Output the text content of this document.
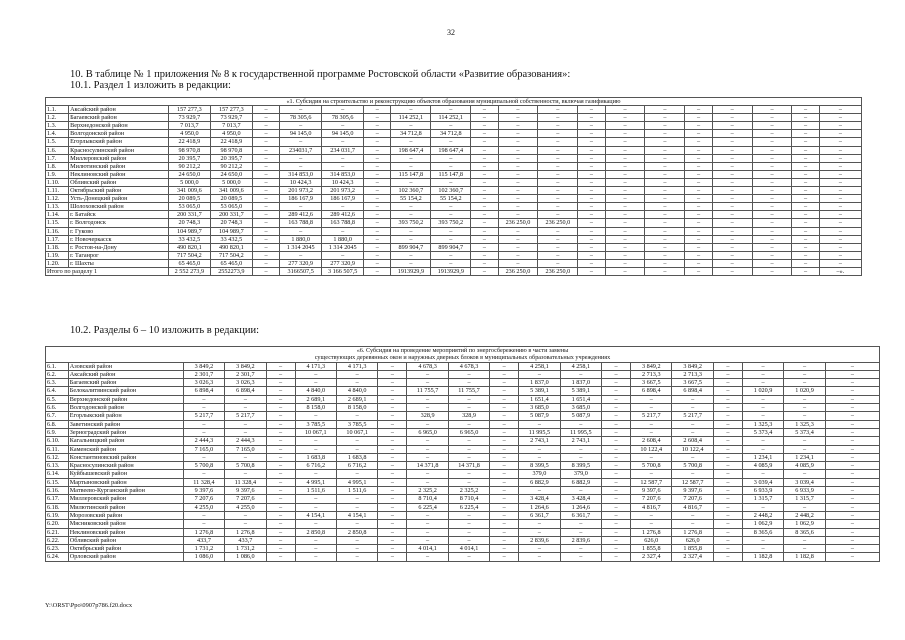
32
10. В таблице № 1 приложения № 8 к государственной программе Ростовской области «Развитие образования»:
10.1. Раздел 1 изложить в редакции:
«1. Субсидия на строительство и реконструкцию объектов образования муниципальной собственности, включая газификацию																				
1.1.	Аксайский район	157 277,3	157 277,3	–	–	–	–	–	–	–	–	–	–	–	–	–	–	–	–	–
1.2.	Багаевский район	73 929,7	73 929,7	–	78 305,6	78 305,6	–	114 252,1	114 252,1	–	–	–	–	–	–	–	–	–	–	–
1.3.	Верхнедонской район	7 013,7	7 013,7	–	–	–	–	–	–	–	–	–	–	–	–	–	–	–	–	–
1.4.	Волгодонской район	4 950,0	4 950,0	–	94 145,0	94 145,0	–	34 712,8	34 712,8	–	–	–	–	–	–	–	–	–	–	–
1.5.	Егорлыкский район	22 418,9	22 418,9	–	–	–	–	–	–	–	–	–	–	–	–	–	–	–	–	–
1.6.	Красносулинский район	98 970,8	98 970,8	–	234031,7	234 031,7	–	198 647,4	198 647,4	–	–	–	–	–	–	–	–	–	–	–
1.7.	Миллеровский район	20 395,7	20 395,7	–	–	–	–	–	–	–	–	–	–	–	–	–	–	–	–	–
1.8.	Милютинский район	90 212,2	90 212,2	–	–	–	–	–	–	–	–	–	–	–	–	–	–	–	–	–
1.9.	Неклиновский район	24 650,0	24 650,0	–	314 853,0	314 853,0	–	115 147,8	115 147,8	–	–	–	–	–	–	–	–	–	–	–
1.10.	Обливский район	5 000,0	5 000,0	–	10 424,3	10 424,3	–	–	–	–	–	–	–	–	–	–	–	–	–	–
1.11.	Октябрьский район	341 009,6	341 009,6	–	201 973,2	201 973,2	–	102 360,7	102 360,7	–	–	–	–	–	–	–	–	–	–	–
1.12.	Усть-Донецкий район	20 089,5	20 089,5	–	186 167,9	186 167,9	–	55 154,2	55 154,2	–	–	–	–	–	–	–	–	–	–	–
1.13.	Шолоховский район	53 065,0	53 065,0	–	–	–	–	–	–	–	–	–	–	–	–	–	–	–	–	–
1.14.	г. Батайск	200 331,7	200 331,7	–	289 412,6	289 412,6	–	–	–	–	–	–	–	–	–	–	–	–	–	–
1.15.	г. Волгодонск	20 748,3	20 748,3	–	163 788,8	163 788,8	–	393 750,2	393 750,2	–	236 250,0	236 250,0	–	–	–	–	–	–	–	–
1.16.	г. Гуково	104 989,7	104 989,7	–	–	–	–	–	–	–	–	–	–	–	–	–	–	–	–	–
1.17.	г. Новочеркасск	33 432,5	33 432,5	–	1 880,0	1 880,0	–	–	–	–	–	–	–	–	–	–	–	–	–	–
1.18.	г. Ростов-на-Дону	490 820,1	490 820,1	–	1 314 2045	1 314 2045	–	899 904,7	899 904,7	–	–	–	–	–	–	–	–	–	–	–
1.19.	г. Таганрог	717 504,2	717 504,2	–	–	–	–	–	–	–	–	–	–	–	–	–	–	–	–	–
1.20.	г. Шахты	65 465,0	65 465,0	–	277 320,9	277 320,9	–	–	–	–	–	–	–	–	–	–	–	–	–	–
Итого по разделу 1		2 552 273,9	2552273,9	–	3166507,5	3 166 507,5	–	1913929,9	1913929,9	–	236 250,0	236 250,0	–	–	–	–	–	–	–	–».
10.2. Разделы 6 – 10 изложить в редакции:
«6. Субсидия на проведение мероприятий по энергосбережению в части замены																			
существующих деревянных окон и наружных дверных блоков в муниципальных образовательных учреждениях																			
6.1.	Азовский район	3 849,2	3 849,2	–	4 171,3	4 171,3	–	4 678,3	4 678,3	–	4 258,1	4 258,1	–	3 849,2	3 849,2	–	–	–	–
6.2.	Аксайский район	2 301,7	2 301,7	–	–	–	–	–	–	–	–	–	–	2 713,3	2 713,3	–	–	–	–
6.3.	Багаевский район	3 026,3	3 026,3	–	–	–	–	–	–	–	1 837,0	1 837,0	–	3 667,5	3 667,5	–	–	–	–
6.4.	Белокалитвинский район	6 898,4	6 898,4	–	4 840,0	4 840,0	–	11 755,7	11 755,7	–	5 389,1	5 389,1	–	6 898,4	6 898,4	–	1 020,9	1 020,9	–
6.5.	Верхнедонской район	–	–	–	2 689,1	2 689,1	–	–	–	–	1 651,4	1 651,4	–	–	–	–	–	–	–
6.6.	Волгодонской район	–	–	–	8 158,0	8 158,0	–	–	–	–	3 685,0	3 685,0	–	–	–	–	–	–	–
6.7.	Егорлыкский район	5 217,7	5 217,7	–	–	–	–	328,9	328,9	–	5 087,9	5 087,9	–	5 217,7	5 217,7	–	–	–	–
6.8.	Заветинский район	–	–	–	3 785,5	3 785,5	–	–	–	–	–	–	–	–	–	–	1 325,3	1 325,3	–
6.9.	Зерноградский район	–	–	–	10 067,1	10 067,1	–	6 965,0	6 965,0	–	11 995,5	11 995,5	–	–	–	–	5 373,4	5 373,4	–
6.10.	Кагальницкий район	2 444,3	2 444,3	–	–	–	–	–	–	–	2 743,1	2 743,1	–	2 608,4	2 608,4	–	–	–	–
6.11.	Каменский район	7 165,0	7 165,0	–	–	–	–	–	–	–	–	–	–	10 122,4	10 122,4	–	–	–	–
6.12.	Константиновский район	–	–	–	1 683,8	1 683,8	–	–	–	–	–	–	–	–	–	–	1 234,1	1 234,1	–
6.13.	Красносулинский район	5 700,8	5 700,8	–	6 716,2	6 716,2	–	14 371,8	14 371,8	–	8 399,5	8 399,5	–	5 700,8	5 700,8	–	4 085,9	4 085,9	–
6.14.	Куйбышевский район	–	–	–	–	–	–	–	–	–	379,0	379,0	–	–	–	–	–	–	–
6.15.	Мартыновский район	11 328,4	11 328,4	–	4 995,1	4 995,1	–	–	–	–	6 882,9	6 882,9	–	12 587,7	12 587,7	–	3 039,4	3 039,4	–
6.16.	Матвеево-Курганский район	9 397,6	9 397,6	–	1 511,6	1 511,6	–	2 325,2	2 325,2	–	–	–	–	9 397,6	9 397,6	–	6 933,9	6 933,9	–
6.17.	Миллеровский район	7 207,6	7 207,6	–	–	–	–	8 710,4	8 710,4	–	3 428,4	3 428,4	–	7 207,6	7 207,6	–	1 315,7	1 315,7	–
6.18.	Милютинский район	4 255,0	4 255,0	–	–	–	–	6 225,4	6 225,4	–	1 264,6	1 264,6	–	4 816,7	4 816,7	–	–	–	–
6.19.	Морозовский район	–	–	–	4 154,1	4 154,1	–	–	–	–	6 361,7	6 361,7	–	–	–	–	2 448,2	2 448,2	–
6.20.	Мясниковский район	–	–	–	–	–	–	–	–	–	–	–	–	–	–	–	1 062,9	1 062,9	–
6.21.	Неклиновский район	1 276,8	1 276,8	–	2 850,8	2 850,8	–	–	–	–	–	–	–	1 276,8	1 276,8	–	8 365,6	8 365,6	–
6.22.	Обливский район	433,7	433,7	–	–	–	–	–	–	–	2 839,6	2 839,6	–	626,0	626,0	–	–	–	–
6.23.	Октябрьский район	1 731,2	1 731,2	–	–	–	–	4 014,1	4 014,1	–	–	–	–	1 855,8	1 855,8	–	–	–	–
6.24.	Орловский район	1 086,0	1 086,0	–	–	–	–	–	–	–	–	–	–	2 327,4	2 327,4	–	1 182,8	1 182,8	–
Y:\ORST\Ppo\0907p786.f20.docx
